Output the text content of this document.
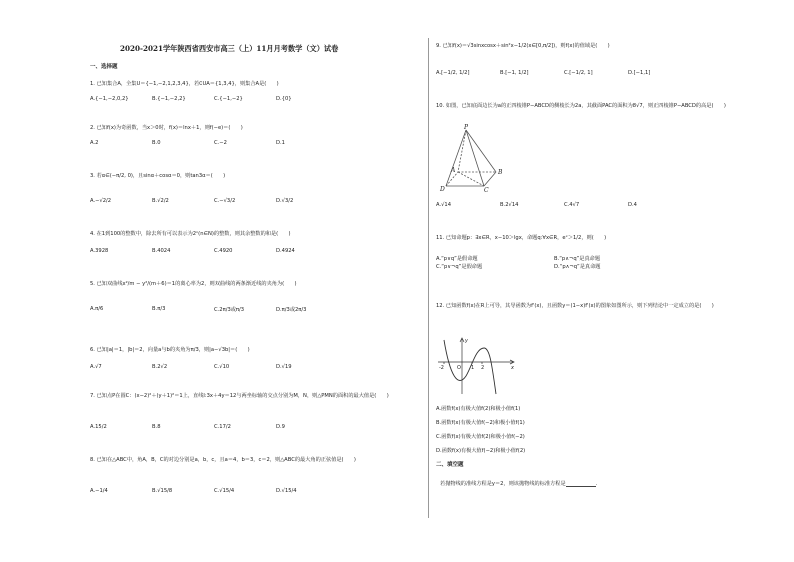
2020-2021学年陕西省西安市高三（上）11月月考数学（文）试卷
一、选择题
1. 已知集合A，全集U＝{−1,−2,1,2,3,4}，若∁UA＝{1,3,4}，则集合A是(　　)
A.{−1,−2,0,2}	B.{−1,−2,2}	C.{−1,−2}	D.{0}
2. 已知f(x)为奇函数，当x＞0时，f(x)＝lnx＋1，则f(−e)＝(　　)
A.2	B.0	C.−2	D.1
3. 若α∈(−π/2, 0)，且sinα＋cosα＝0，则tan3α＝(　　)
A.−√2/2	B.√2/2	C.−√3/2	D.√3/2
4. 在1到100的整数中，除去所有可以表示为2ⁿ(n∈N)的整数，则其余整数的和是(　　)
A.3928	B.4024	C.4920	D.4924
5. 已知双曲线x²/m − y²/(m＋6)＝1的离心率为2，则双曲线的两条渐近线的夹角为(　　)
A.π/6	B.π/3	C.2π/3或π/3	D.π/3或2π/3
6. 已知|a|＝1，|b|＝2，向量a与b的夹角为π/3，则|a−√3b|＝(　　)
A.√7	B.2√2	C.√10	D.√19
7. 已知点P在圆C：(x−2)²＋(y＋1)²＝1上，直线l:3x＋4y＝12与两坐标轴的交点分别为M，N，则△PMN的面积的最大值是(　　)
A.15/2	B.8	C.17/2	D.9
8. 已知在△ABC中，角A，B，C的对边分别是a，b，c，且a＝4，b＝3，c＝2，则△ABC的最大角的正弦值是(　　)
A.−1/4	B.√15/8	C.√15/4	D.√15/4
9. 已知f(x)＝√3sinxcosx＋sin²x−1/2(x∈[0,π/2])，则f(x)的值域是(　　)
A.[−1/2, 1/2]	B.[−1, 1/2]	C.[−1/2, 1]	D.[−1,1]
10. 如图，已知底面边长为a的正四棱锥P−ABCD的侧棱长为2a，其截面PAC的面积为8√7，则正四棱锥P−ABCD的高是(　　)
P
A	B
C
D
A.√14	B.2√14	C.4√7	D.4
11. 已知命题p：∃x∈R，x−10＞lgx，命题q:∀x∈R，eˣ＞1/2，则(　　)
A.“p∨q”是假命题	B.“p∧¬q”是真命题
C.“p∨¬q”是假命题	D.“p∧¬q”是真命题
12. 已知函数f(x)在R上可导，其导函数为f'(x)，且函数y＝(1−x)f'(x)的图象如图所示，则下列结论中一定成立的是(　　)
-2	O 1 2	x
y
A.函数f(x)有极大值f(2)和极小值f(1)
B.函数f(x)有极大值f(−2)和极小值f(1)
C.函数f(x)有极大值f(2)和极小值f(−2)
D.函数f(x)有极大值f(−2)和极小值f(2)
二、填空题
若抛物线的准线方程是y＝2，则该抛物线的标准方程是	.
